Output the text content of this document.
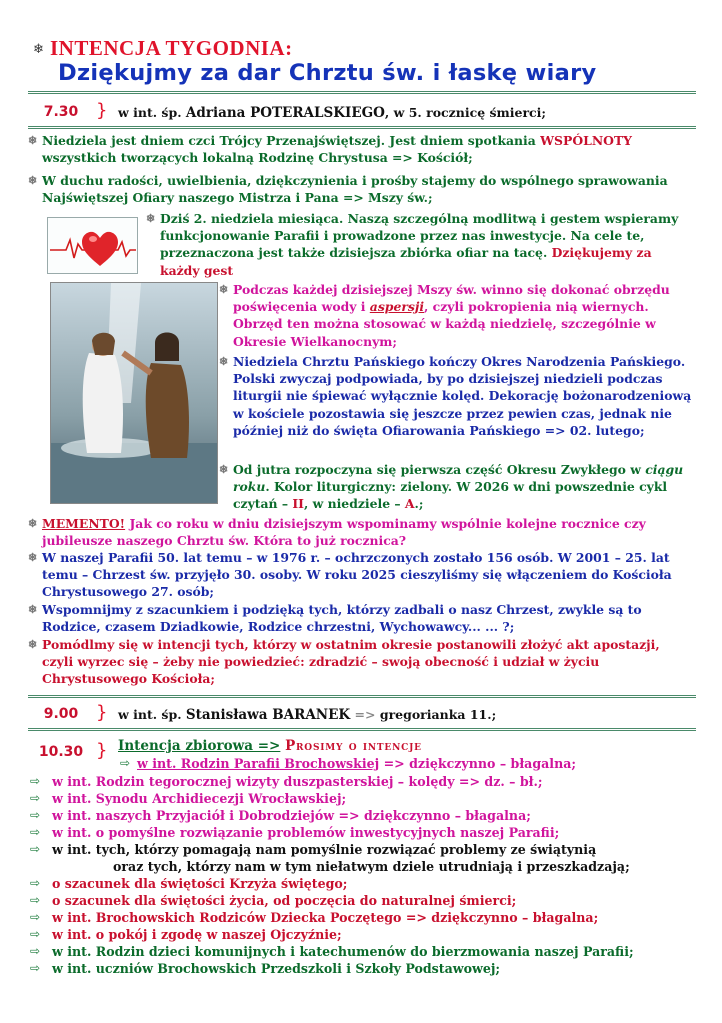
❄ INTENCJA TYGODNIA:
Dziękujmy za dar Chrztu św. i łaskę wiary
7.30 } w int. śp. Adriana POTERALSKIEGO, w 5. rocznicę śmierci;
❄ Niedziela jest dniem czci Trójcy Przenajświętszej. Jest dniem spotkania WSPÓLNOTY wszystkich tworzących lokalną Rodzinę Chrystusa => Kościół;
❄ W duchu radości, uwielbienia, dziękczynienia i prośby stajemy do wspólnego sprawowania Najświętszej Ofiary naszego Mistrza i Pana => Mszy św.;
❄ Dziś 2. niedziela miesiąca. Naszą szczególną modlitwą i gestem wspieramy funkcjonowanie Parafii i prowadzone przez nas inwestycje. Na cele te, przeznaczona jest także dzisiejsza zbiórka ofiar na tacę. Dziękujemy za każdy gest
❄ Podczas każdej dzisiejszej Mszy św. winno się dokonać obrzędu poświęcenia wody i aspersji, czyli pokropienia nią wiernych. Obrzęd ten można stosować w każdą niedzielę, szczególnie w Okresie Wielkanocnym;
❄ Niedziela Chrztu Pańskiego kończy Okres Narodzenia Pańskiego. Polski zwyczaj podpowiada, by po dzisiejszej niedzieli podczas liturgii nie śpiewać wyłącznie kolęd. Dekorację bożonarodzeniową w kościele pozostawia się jeszcze przez pewien czas, jednak nie później niż do święta Ofiarowania Pańskiego => 02. lutego;
❄ Od jutra rozpoczyna się pierwsza część Okresu Zwykłego w ciągu roku. Kolor liturgiczny: zielony. W 2026 w dni powszednie cykl czytań – II, w niedziele – A.;
❄ MEMENTO! Jak co roku w dniu dzisiejszym wspominamy wspólnie kolejne rocznice czy jubileusze naszego Chrztu św. Która to już rocznica?
❄ W naszej Parafii 50. lat temu – w 1976 r. – ochrzczonych zostało 156 osób. W 2001 – 25. lat temu – Chrzest św. przyjęło 30. osoby. W roku 2025 cieszyliśmy się włączeniem do Kościoła Chrystusowego 27. osób;
❄ Wspomnijmy z szacunkiem i podzięką tych, którzy zadbali o nasz Chrzest, zwykle są to Rodzice, czasem Dziadkowie, Rodzice chrzestni, Wychowawcy... ... ?;
❄ Pomódlmy się w intencji tych, którzy w ostatnim okresie postanowili złożyć akt apostazji, czyli wyrzec się – żeby nie powiedzieć: zdradzić – swoją obecność i udział w życiu Chrystusowego Kościoła;
9.00 } w int. śp. Stanisława BARANEK => gregorianka 11.;
10.30 } Intencja zbiorowa => Prosimy o intencje
⇨ w int. Rodzin Parafii Brochowskiej => dziękczynno – błagalna;
⇨ w int. Rodzin tegorocznej wizyty duszpasterskiej – kolędy => dz. – bł.;
⇨ w int. Synodu Archidiecezji Wrocławskiej;
⇨ w int. naszych Przyjaciół i Dobrodziejów => dziękczynno – błagalna;
⇨ w int. o pomyślne rozwiązanie problemów inwestycyjnych naszej Parafii;
⇨ w int. tych, którzy pomagają nam pomyślnie rozwiązać problemy ze świątynią
oraz tych, którzy nam w tym niełatwym dziele utrudniają i przeszkadzają;
⇨ o szacunek dla świętości Krzyża świętego;
⇨ o szacunek dla świętości życia, od poczęcia do naturalnej śmierci;
⇨ w int. Brochowskich Rodziców Dziecka Poczętego => dziękczynno – błagalna;
⇨ w int. o pokój i zgodę w naszej Ojczyźnie;
⇨ w int. Rodzin dzieci komunijnych i katechumenów do bierzmowania naszej Parafii;
⇨ w int. uczniów Brochowskich Przedszkoli i Szkoły Podstawowej;
